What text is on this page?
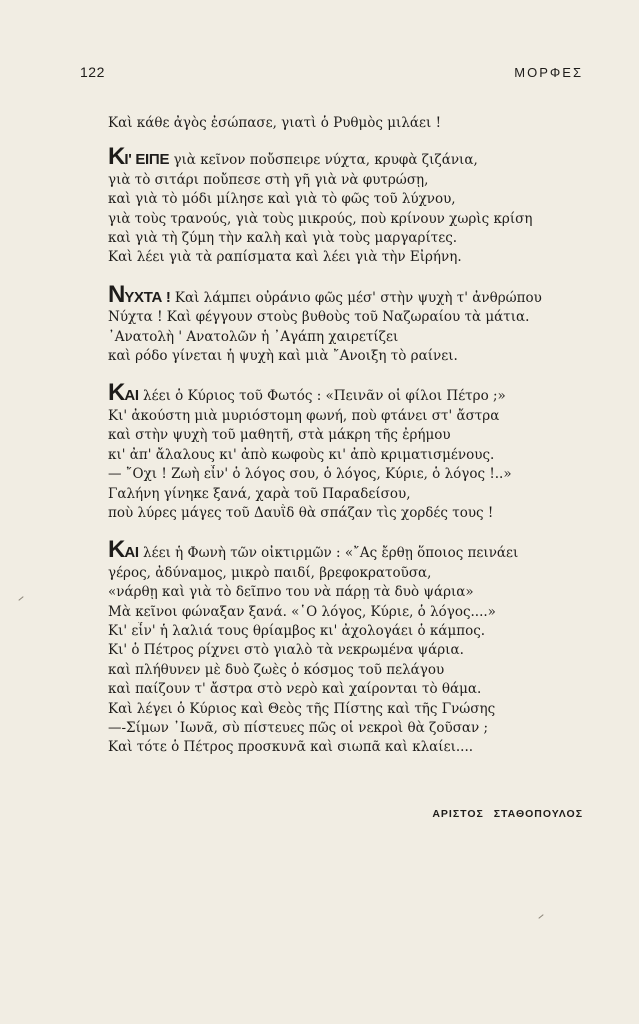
122	ΜΟΡΦΕΣ
Καὶ κάθε ἀγὸς ἐσώπασε, γιατὶ ὁ Ρυθμὸς μιλάει !
ΚΙ' ΕΙΠΕ γιὰ κεῖνον ποὔσπειρε νύχτα, κρυφὰ ζιζάνια,
γιὰ τὸ σιτάρι ποὔπεσε στὴ γῆ γιὰ νὰ φυτρώσῃ,
καὶ γιὰ τὸ μόδι μίλησε καὶ γιὰ τὸ φῶς τοῦ λύχνου,
γιὰ τοὺς τρανούς, γιὰ τοὺς μικρούς, ποὺ κρίνουν χωρὶς κρίση
καὶ γιὰ τὴ ζύμη τὴν καλὴ καὶ γιὰ τοὺς μαργαρίτες.
Καὶ λέει γιὰ τὰ ραπίσματα καὶ λέει γιὰ τὴν Εἰρήνη.
ΝΥΧΤΑ ! Καὶ λάμπει οὐράνιο φῶς μέσ' στὴν ψυχὴ τ' ἀνθρώπου
Νύχτα ! Καὶ φέγγουν στοὺς βυθοὺς τοῦ Ναζωραίου τὰ μάτια.
᾿Ανατολὴ ' Ανατολῶν ἡ ᾿Αγάπη χαιρετίζει
καὶ ρόδο γίνεται ἡ ψυχὴ καὶ μιὰ ῎Ανοιξη τὸ ραίνει.
ΚΑΙ λέει ὁ Κύριος τοῦ Φωτός : «Πεινᾶν οἱ φίλοι Πέτρο ;»
Κι' ἀκούστη μιὰ μυριόστομη φωνή, ποὺ φτάνει στ' ἄστρα
καὶ στὴν ψυχὴ τοῦ μαθητῆ, στὰ μάκρη τῆς ἐρήμου
κι' ἀπ' ἄλαλους κι' ἀπὸ κωφοὺς κι' ἀπὸ κριματισμένους.
— ῎Οχι ! Ζωὴ εἶν' ὁ λόγος σου, ὁ λόγος, Κύριε, ὁ λόγος !..»
Γαλήνη γίνηκε ξανά, χαρὰ τοῦ Παραδείσου,
ποὺ λύρες μάγες τοῦ Δαυῒδ θὰ σπάζαν τὶς χορδές τους !
ΚΑΙ λέει ἡ Φωνὴ τῶν οἰκτιρμῶν : «῎Ας ἔρθῃ ὅποιος πεινάει
γέρος, ἀδύναμος, μικρὸ παιδί, βρεφοκρατοῦσα,
«νάρθῃ καὶ γιὰ τὸ δεῖπνο του νὰ πάρῃ τὰ δυὸ ψάρια»
Μὰ κεῖνοι φώναξαν ξανά. «῾Ο λόγος, Κύριε, ὁ λόγος....»
Κι' εἶν' ἡ λαλιά τους θρίαμβος κι' ἀχολογάει ὁ κάμπος.
Κι' ὁ Πέτρος ρίχνει στὸ γιαλὸ τὰ νεκρωμένα ψάρια.
καὶ πλήθυνεν μὲ δυὸ ζωὲς ὁ κόσμος τοῦ πελάγου
καὶ παίζουν τ' ἄστρα στὸ νερὸ καὶ χαίρονται τὸ θάμα.
Καὶ λέγει ὁ Κύριος καὶ Θεὸς τῆς Πίστης καὶ τῆς Γνώσης
—-Σίμων ᾿Ιωνᾶ, σὺ πίστευες πῶς οἱ νεκροὶ θὰ ζοῦσαν ;
Καὶ τότε ὁ Πέτρος προσκυνᾶ καὶ σιωπᾶ καὶ κλαίει....
ΑΡΙΣΤΟΣ ΣΤΑΘΟΠΟΥΛΟΣ
